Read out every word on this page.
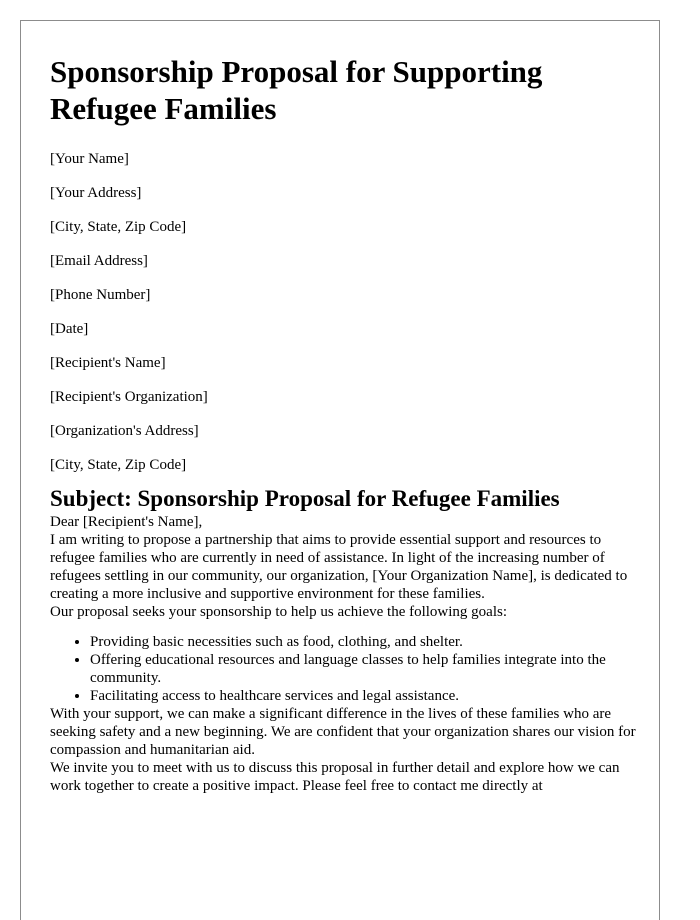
Sponsorship Proposal for Supporting Refugee Families

[Your Name]

[Your Address]

[City, State, Zip Code]

[Email Address]

[Phone Number]

[Date]

[Recipient's Name]

[Recipient's Organization]

[Organization's Address]

[City, State, Zip Code]

Subject: Sponsorship Proposal for Refugee Families

Dear [Recipient's Name],

I am writing to propose a partnership that aims to provide essential support and resources to refugee families who are currently in need of assistance. In light of the increasing number of refugees settling in our community, our organization, [Your Organization Name], is dedicated to creating a more inclusive and supportive environment for these families.

Our proposal seeks your sponsorship to help us achieve the following goals:

• Providing basic necessities such as food, clothing, and shelter.
• Offering educational resources and language classes to help families integrate into the community.
• Facilitating access to healthcare services and legal assistance.

With your support, we can make a significant difference in the lives of these families who are seeking safety and a new beginning. We are confident that your organization shares our vision for compassion and humanitarian aid.

We invite you to meet with us to discuss this proposal in further detail and explore how we can work together to create a positive impact. Please feel free to contact me directly at
